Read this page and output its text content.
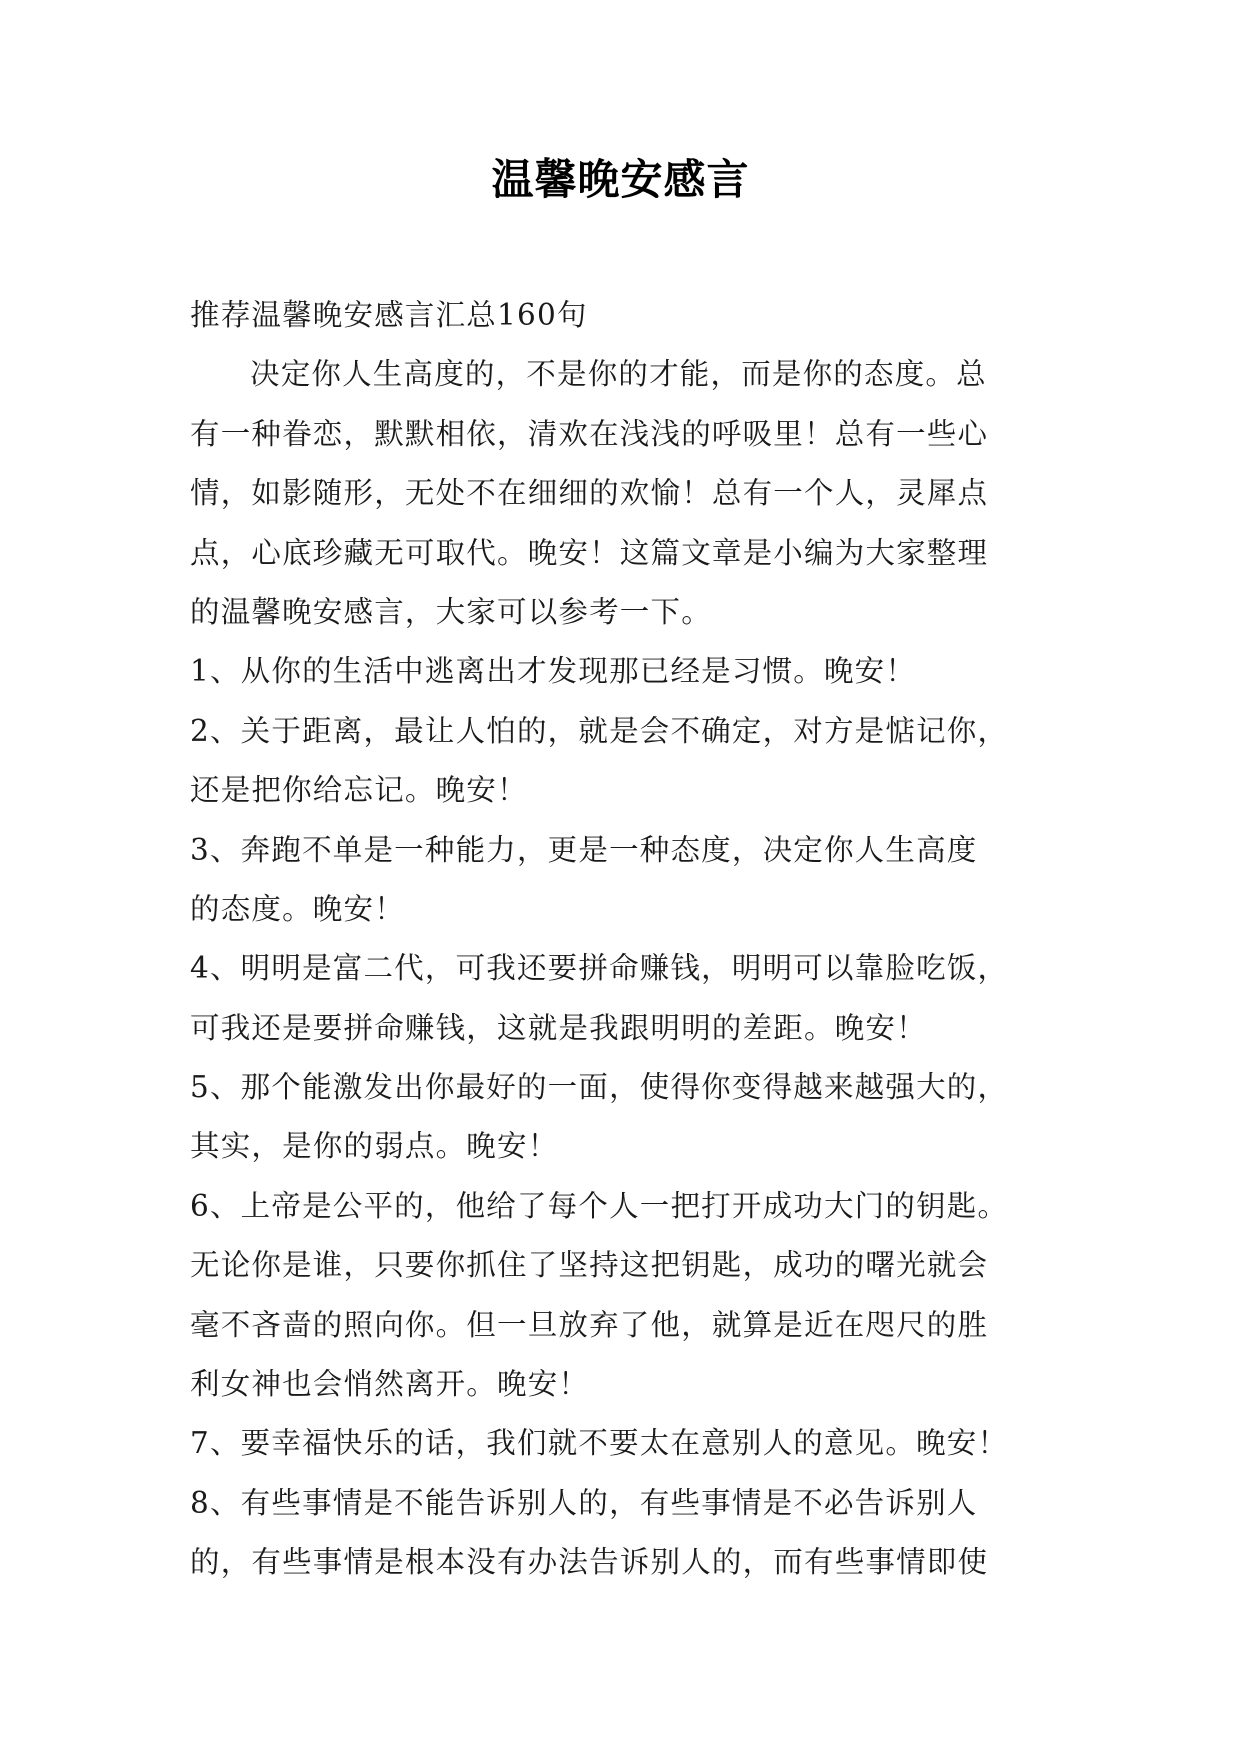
温馨晚安感言
推荐温馨晚安感言汇总160句
决定你人生高度的，不是你的才能，而是你的态度。总
有一种眷恋，默默相依，清欢在浅浅的呼吸里！总有一些心
情，如影随形，无处不在细细的欢愉！总有一个人，灵犀点
点，心底珍藏无可取代。晚安！这篇文章是小编为大家整理
的温馨晚安感言，大家可以参考一下。
1、从你的生活中逃离出才发现那已经是习惯。晚安！
2、关于距离，最让人怕的，就是会不确定，对方是惦记你，
还是把你给忘记。晚安！
3、奔跑不单是一种能力，更是一种态度，决定你人生高度
的态度。晚安！
4、明明是富二代，可我还要拼命赚钱，明明可以靠脸吃饭，
可我还是要拼命赚钱，这就是我跟明明的差距。晚安！
5、那个能激发出你最好的一面，使得你变得越来越强大的，
其实，是你的弱点。晚安！
6、上帝是公平的，他给了每个人一把打开成功大门的钥匙。
无论你是谁，只要你抓住了坚持这把钥匙，成功的曙光就会
毫不吝啬的照向你。但一旦放弃了他，就算是近在咫尺的胜
利女神也会悄然离开。晚安！
7、要幸福快乐的话，我们就不要太在意别人的意见。晚安！
8、有些事情是不能告诉别人的，有些事情是不必告诉别人
的，有些事情是根本没有办法告诉别人的，而有些事情即使
